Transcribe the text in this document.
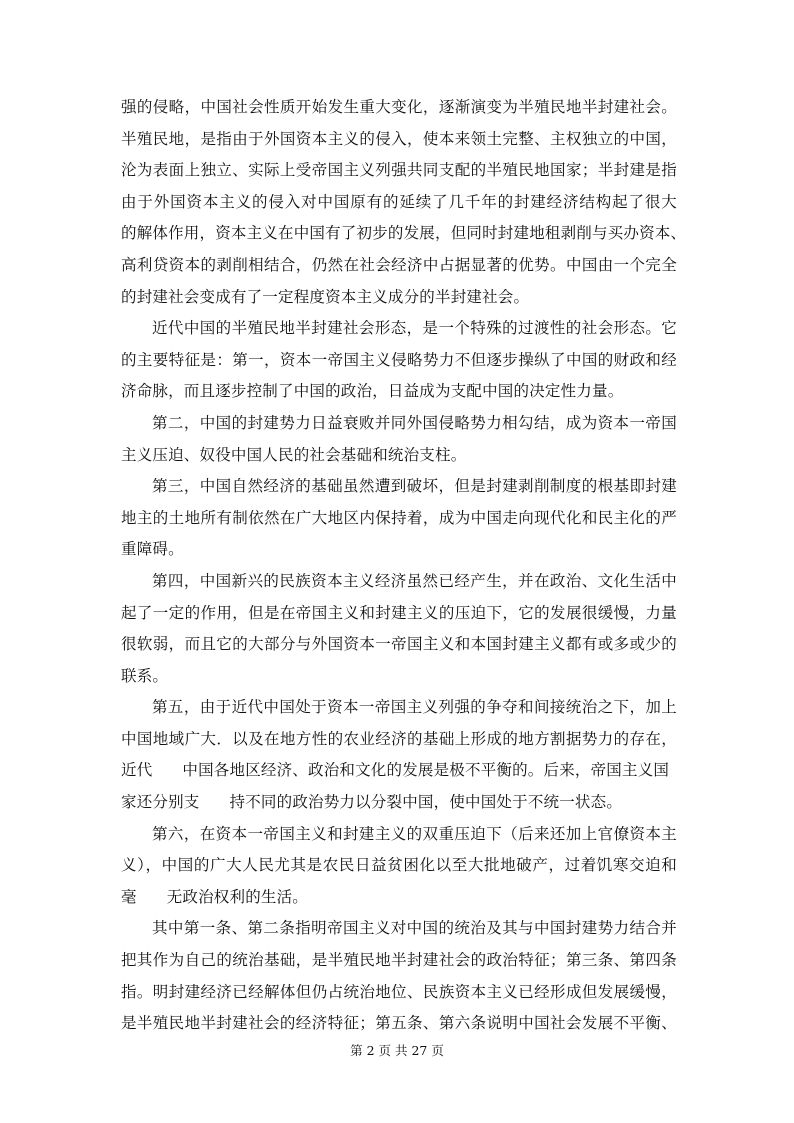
强的侵略，中国社会性质开始发生重大变化，逐渐演变为半殖民地半封建社会。
半殖民地，是指由于外国资本主义的侵入，使本来领土完整、主权独立的中国，
沦为表面上独立、实际上受帝国主义列强共同支配的半殖民地国家；半封建是指
由于外国资本主义的侵入对中国原有的延续了几千年的封建经济结构起了很大
的解体作用，资本主义在中国有了初步的发展，但同时封建地租剥削与买办资本、
高利贷资本的剥削相结合，仍然在社会经济中占据显著的优势。中国由一个完全
的封建社会变成有了一定程度资本主义成分的半封建社会。
近代中国的半殖民地半封建社会形态，是一个特殊的过渡性的社会形态。它
的主要特征是：第一，资本一帝国主义侵略势力不但逐步操纵了中国的财政和经
济命脉，而且逐步控制了中国的政治，日益成为支配中国的决定性力量。
第二，中国的封建势力日益衰败并同外国侵略势力相勾结，成为资本一帝国
主义压迫、奴役中国人民的社会基础和统治支柱。
第三，中国自然经济的基础虽然遭到破坏，但是封建剥削制度的根基即封建
地主的土地所有制依然在广大地区内保持着，成为中国走向现代化和民主化的严
重障碍。
第四，中国新兴的民族资本主义经济虽然已经产生，并在政治、文化生活中
起了一定的作用，但是在帝国主义和封建主义的压迫下，它的发展很缓慢，力量
很软弱，而且它的大部分与外国资本一帝国主义和本国封建主义都有或多或少的
联系。
第五，由于近代中国处于资本一帝国主义列强的争夺和间接统治之下，加上
中国地域广大．以及在地方性的农业经济的基础上形成的地方割据势力的存在，
近代 中国各地区经济、政治和文化的发展是极不平衡的。后来，帝国主义国
家还分别支 持不同的政治势力以分裂中国，使中国处于不统一状态。
第六，在资本一帝国主义和封建主义的双重压迫下（后来还加上官僚资本主
义），中国的广大人民尤其是农民日益贫困化以至大批地破产，过着饥寒交迫和
毫 无政治权利的生活。
其中第一条、第二条指明帝国主义对中国的统治及其与中国封建势力结合并
把其作为自己的统治基础，是半殖民地半封建社会的政治特征；第三条、第四条
指。明封建经济已经解体但仍占统治地位、民族资本主义已经形成但发展缓慢，
是半殖民地半封建社会的经济特征；第五条、第六条说明中国社会发展不平衡、
第 2 页 共 27 页
